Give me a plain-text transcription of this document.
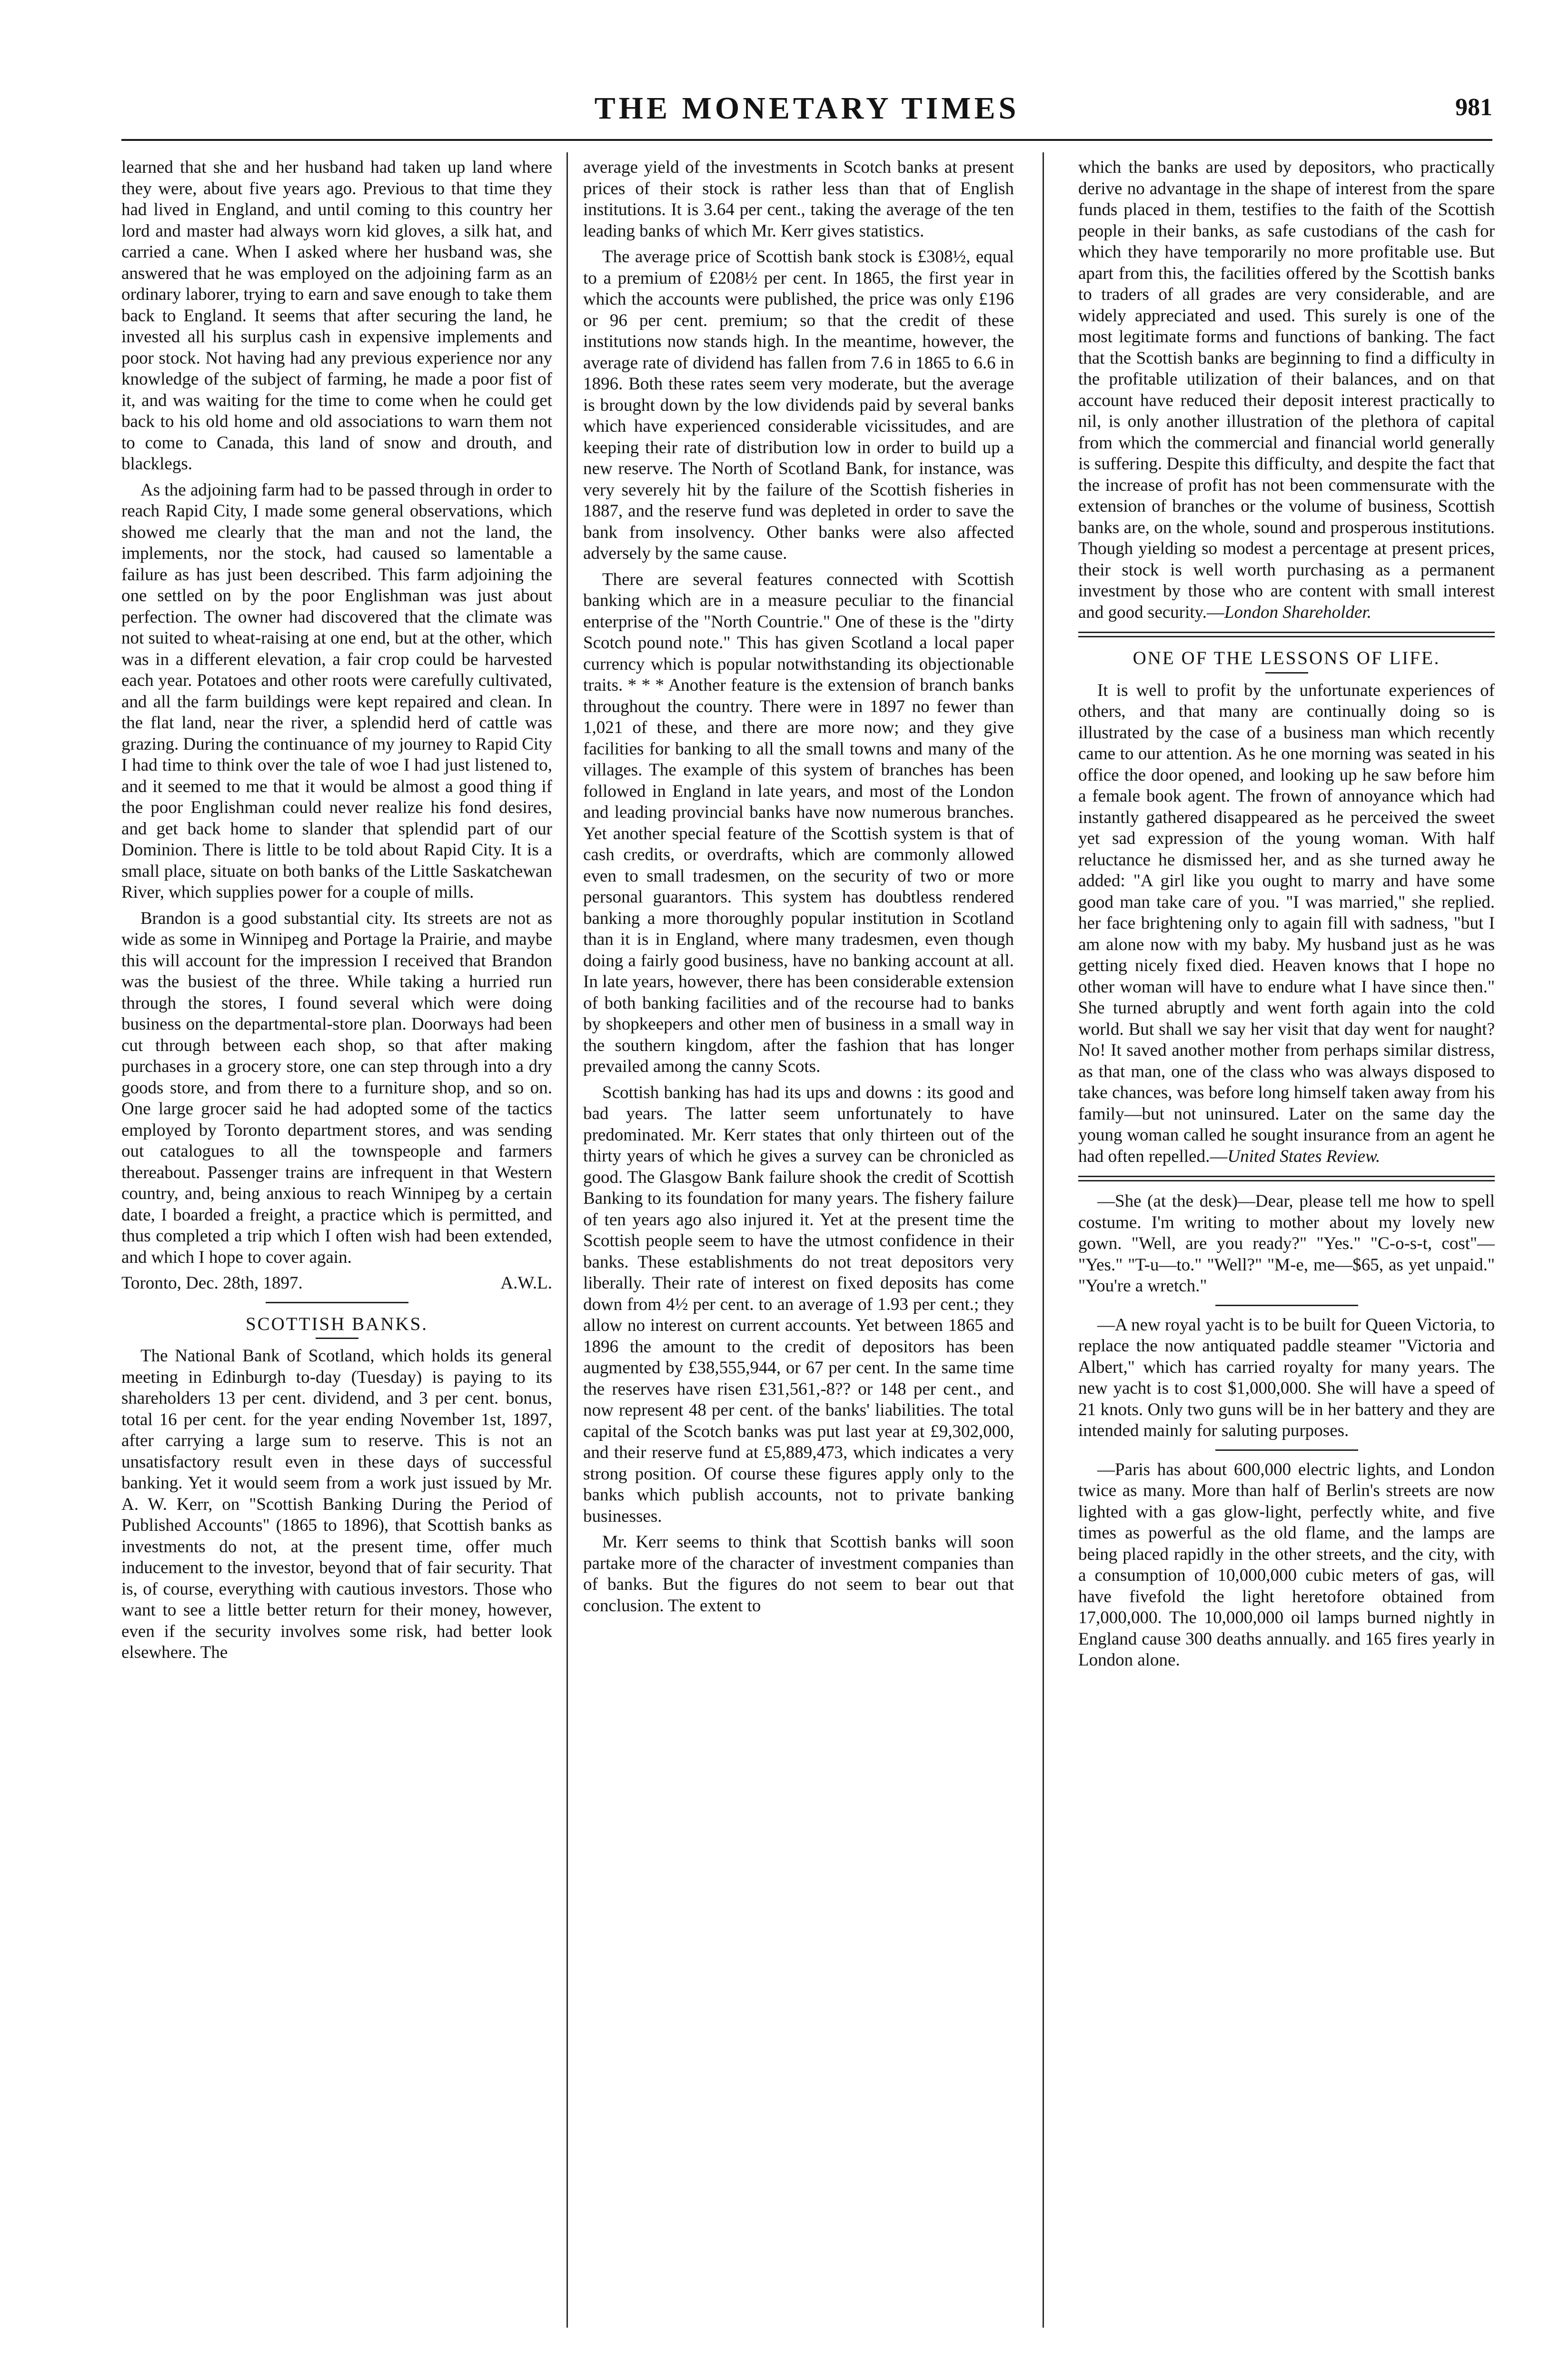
THE MONETARY TIMES	981

learned that she and her husband had taken up land where they were, about five years ago. Previous to that time they had lived in England, and until coming to this country her lord and master had always worn kid gloves, a silk hat, and carried a cane. When I asked where her husband was, she answered that he was employed on the adjoining farm as an ordinary laborer, trying to earn and save enough to take them back to England. It seems that after securing the land, he invested all his surplus cash in expensive implements and poor stock. Not having had any previous experience nor any knowledge of the subject of farming, he made a poor fist of it, and was waiting for the time to come when he could get back to his old home and old associations to warn them not to come to Canada, this land of snow and drouth, and blacklegs.

As the adjoining farm had to be passed through in order to reach Rapid City, I made some general observations, which showed me clearly that the man and not the land, the implements, nor the stock, had caused so lamentable a failure as has just been described. This farm adjoining the one settled on by the poor Englishman was just about perfection. The owner had discovered that the climate was not suited to wheat-raising at one end, but at the other, which was in a different elevation, a fair crop could be harvested each year. Potatoes and other roots were carefully cultivated, and all the farm buildings were kept repaired and clean. In the flat land, near the river, a splendid herd of cattle was grazing. During the continuance of my journey to Rapid City I had time to think over the tale of woe I had just listened to, and it seemed to me that it would be almost a good thing if the poor Englishman could never realize his fond desires, and get back home to slander that splendid part of our Dominion. There is little to be told about Rapid City. It is a small place, situate on both banks of the Little Saskatchewan River, which supplies power for a couple of mills.

Brandon is a good substantial city. Its streets are not as wide as some in Winnipeg and Portage la Prairie, and maybe this will account for the impression I received that Brandon was the busiest of the three. While taking a hurried run through the stores, I found several which were doing business on the departmental-store plan. Doorways had been cut through between each shop, so that after making purchases in a grocery store, one can step through into a dry goods store, and from there to a furniture shop, and so on. One large grocer said he had adopted some of the tactics employed by Toronto department stores, and was sending out catalogues to all the townspeople and farmers thereabout. Passenger trains are infrequent in that Western country, and, being anxious to reach Winnipeg by a certain date, I boarded a freight, a practice which is permitted, and thus completed a trip which I often wish had been extended, and which I hope to cover again.

Toronto, Dec. 28th, 1897.	A.W.L.
SCOTTISH BANKS.

The National Bank of Scotland, which holds its general meeting in Edinburgh to-day (Tuesday) is paying to its shareholders 13 per cent. dividend, and 3 per cent. bonus, total 16 per cent. for the year ending November 1st, 1897, after carrying a large sum to reserve. This is not an unsatisfactory result even in these days of successful banking. Yet it would seem from a work just issued by Mr. A. W. Kerr, on "Scottish Banking During the Period of Published Accounts" (1865 to 1896), that Scottish banks as investments do not, at the present time, offer much inducement to the investor, beyond that of fair security. That is, of course, everything with cautious investors. Those who want to see a little better return for their money, however, even if the security involves some risk, had better look elsewhere. The

average yield of the investments in Scotch banks at present prices of their stock is rather less than that of English institutions. It is 3.64 per cent., taking the average of the ten leading banks of which Mr. Kerr gives statistics.

The average price of Scottish bank stock is £308½, equal to a premium of £208½ per cent. In 1865, the first year in which the accounts were published, the price was only £196 or 96 per cent. premium; so that the credit of these institutions now stands high. In the meantime, however, the average rate of dividend has fallen from 7.6 in 1865 to 6.6 in 1896. Both these rates seem very moderate, but the average is brought down by the low dividends paid by several banks which have experienced considerable vicissitudes, and are keeping their rate of distribution low in order to build up a new reserve. The North of Scotland Bank, for instance, was very severely hit by the failure of the Scottish fisheries in 1887, and the reserve fund was depleted in order to save the bank from insolvency. Other banks were also affected adversely by the same cause.

There are several features connected with Scottish banking which are in a measure peculiar to the financial enterprise of the "North Countrie." One of these is the "dirty Scotch pound note." This has given Scotland a local paper currency which is popular notwithstanding its objectionable traits. * * * Another feature is the extension of branch banks throughout the country. There were in 1897 no fewer than 1,021 of these, and there are more now; and they give facilities for banking to all the small towns and many of the villages. The example of this system of branches has been followed in England in late years, and most of the London and leading provincial banks have now numerous branches. Yet another special feature of the Scottish system is that of cash credits, or overdrafts, which are commonly allowed even to small tradesmen, on the security of two or more personal guarantors. This system has doubtless rendered banking a more thoroughly popular institution in Scotland than it is in England, where many tradesmen, even though doing a fairly good business, have no banking account at all. In late years, however, there has been considerable extension of both banking facilities and of the recourse had to banks by shopkeepers and other men of business in a small way in the southern kingdom, after the fashion that has longer prevailed among the canny Scots.

Scottish banking has had its ups and downs : its good and bad years. The latter seem unfortunately to have predominated. Mr. Kerr states that only thirteen out of the thirty years of which he gives a survey can be chronicled as good. The Glasgow Bank failure shook the credit of Scottish Banking to its foundation for many years. The fishery failure of ten years ago also injured it. Yet at the present time the Scottish people seem to have the utmost confidence in their banks. These establishments do not treat depositors very liberally. Their rate of interest on fixed deposits has come down from 4½ per cent. to an average of 1.93 per cent.; they allow no interest on current accounts. Yet between 1865 and 1896 the amount to the credit of depositors has been augmented by £38,555,944, or 67 per cent. In the same time the reserves have risen £31,561,-8?? or 148 per cent., and now represent 48 per cent. of the banks' liabilities. The total capital of the Scotch banks was put last year at £9,302,000, and their reserve fund at £5,889,473, which indicates a very strong position. Of course these figures apply only to the banks which publish accounts, not to private banking businesses.

Mr. Kerr seems to think that Scottish banks will soon partake more of the character of investment companies than of banks. But the figures do not seem to bear out that conclusion. The extent to

which the banks are used by depositors, who practically derive no advantage in the shape of interest from the spare funds placed in them, testifies to the faith of the Scottish people in their banks, as safe custodians of the cash for which they have temporarily no more profitable use. But apart from this, the facilities offered by the Scottish banks to traders of all grades are very considerable, and are widely appreciated and used. This surely is one of the most legitimate forms and functions of banking. The fact that the Scottish banks are beginning to find a difficulty in the profitable utilization of their balances, and on that account have reduced their deposit interest practically to nil, is only another illustration of the plethora of capital from which the commercial and financial world generally is suffering. Despite this difficulty, and despite the fact that the increase of profit has not been commensurate with the extension of branches or the volume of business, Scottish banks are, on the whole, sound and prosperous institutions. Though yielding so modest a percentage at present prices, their stock is well worth purchasing as a permanent investment by those who are content with small interest and good security.—London Shareholder.

ONE OF THE LESSONS OF LIFE.

It is well to profit by the unfortunate experiences of others, and that many are continually doing so is illustrated by the case of a business man which recently came to our attention. As he one morning was seated in his office the door opened, and looking up he saw before him a female book agent. The frown of annoyance which had instantly gathered disappeared as he perceived the sweet yet sad expression of the young woman. With half reluctance he dismissed her, and as she turned away he added: "A girl like you ought to marry and have some good man take care of you. "I was married," she replied. her face brightening only to again fill with sadness, "but I am alone now with my baby. My husband just as he was getting nicely fixed died. Heaven knows that I hope no other woman will have to endure what I have since then." She turned abruptly and went forth again into the cold world. But shall we say her visit that day went for naught? No! It saved another mother from perhaps similar distress, as that man, one of the class who was always disposed to take chances, was before long himself taken away from his family—but not uninsured. Later on the same day the young woman called he sought insurance from an agent he had often repelled.—United States Review.

—She (at the desk)—Dear, please tell me how to spell costume. I'm writing to mother about my lovely new gown. "Well, are you ready?" "Yes." "C-o-s-t, cost"— "Yes." "T-u—to." "Well?" "M-e, me—$65, as yet unpaid." "You're a wretch."

—A new royal yacht is to be built for Queen Victoria, to replace the now antiquated paddle steamer "Victoria and Albert," which has carried royalty for many years. The new yacht is to cost $1,000,000. She will have a speed of 21 knots. Only two guns will be in her battery and they are intended mainly for saluting purposes.

—Paris has about 600,000 electric lights, and London twice as many. More than half of Berlin's streets are now lighted with a gas glow-light, perfectly white, and five times as powerful as the old flame, and the lamps are being placed rapidly in the other streets, and the city, with a consumption of 10,000,000 cubic meters of gas, will have fivefold the light heretofore obtained from 17,000,000. The 10,000,000 oil lamps burned nightly in England cause 300 deaths annually. and 165 fires yearly in London alone.
